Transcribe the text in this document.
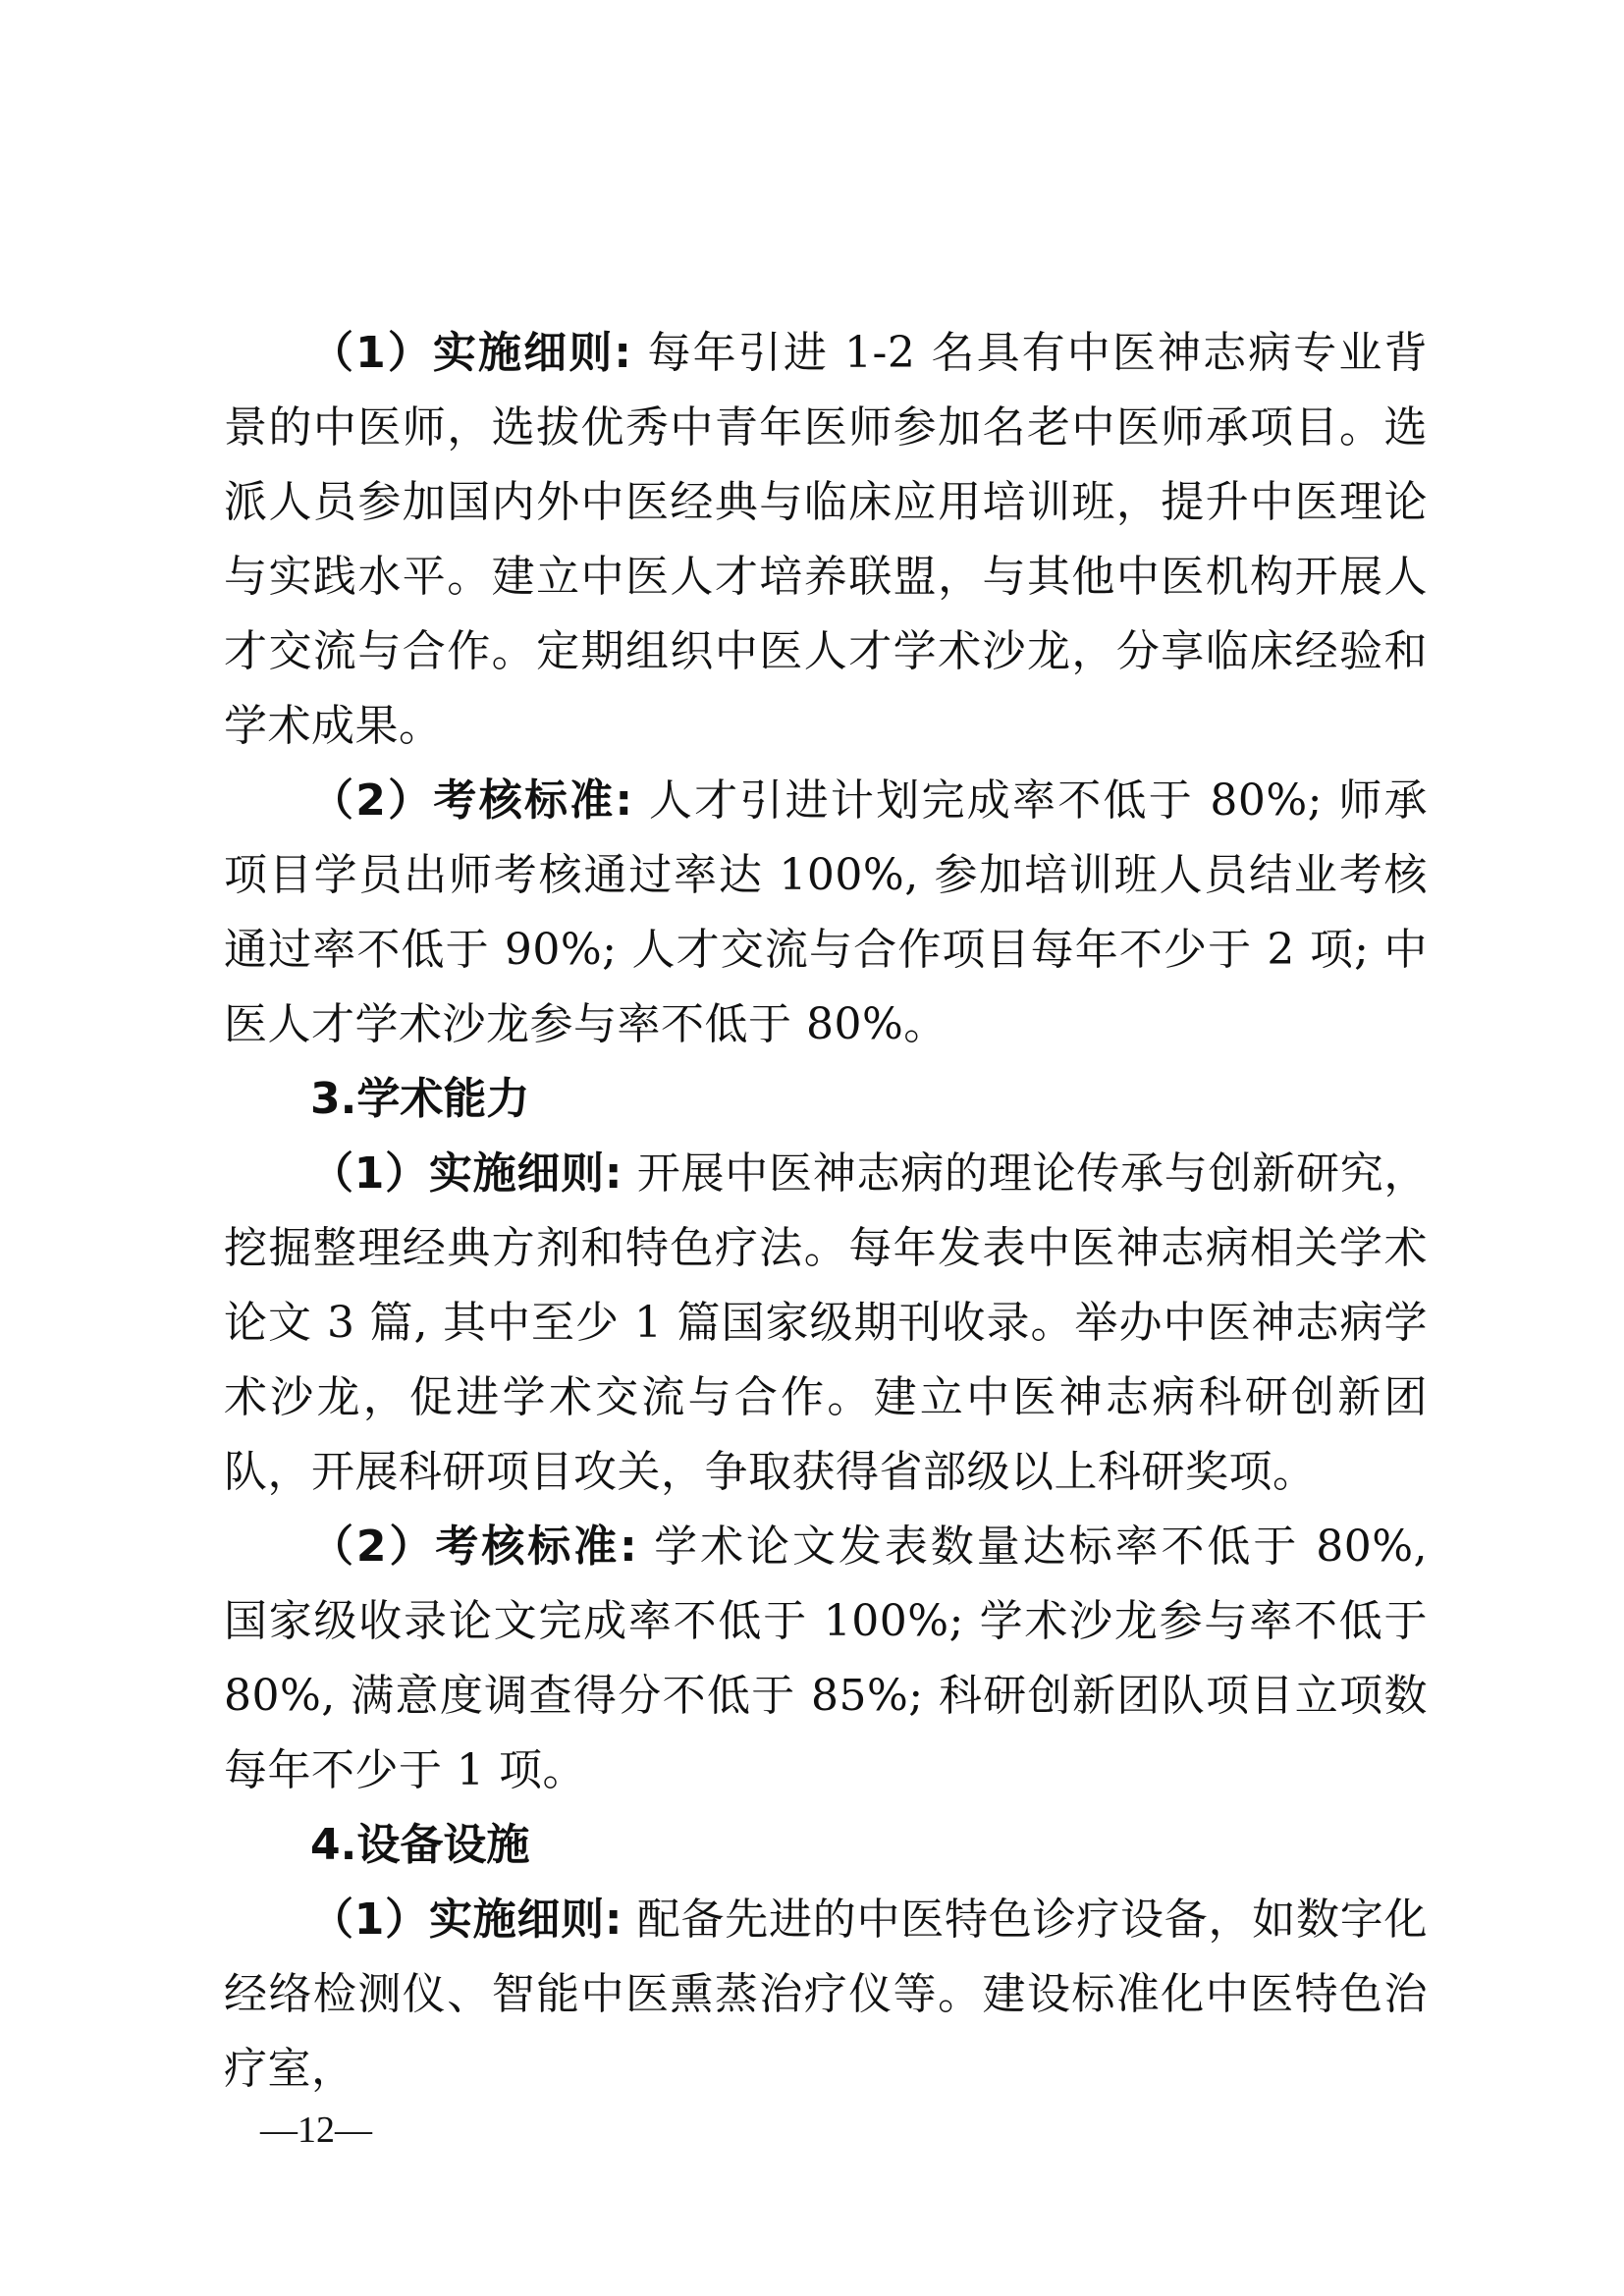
（1）实施细则: 每年引进 1-2 名具有中医神志病专业背景的中医师，选拔优秀中青年医师参加名老中医师承项目。选派人员参加国内外中医经典与临床应用培训班，提升中医理论与实践水平。建立中医人才培养联盟，与其他中医机构开展人才交流与合作。定期组织中医人才学术沙龙，分享临床经验和学术成果。

（2）考核标准: 人才引进计划完成率不低于 80%; 师承项目学员出师考核通过率达 100%, 参加培训班人员结业考核通过率不低于 90%; 人才交流与合作项目每年不少于 2 项; 中医人才学术沙龙参与率不低于 80%。

3.学术能力

（1）实施细则: 开展中医神志病的理论传承与创新研究，挖掘整理经典方剂和特色疗法。每年发表中医神志病相关学术论文 3 篇, 其中至少 1 篇国家级期刊收录。举办中医神志病学术沙龙，促进学术交流与合作。建立中医神志病科研创新团队，开展科研项目攻关，争取获得省部级以上科研奖项。

（2）考核标准: 学术论文发表数量达标率不低于 80%, 国家级收录论文完成率不低于 100%; 学术沙龙参与率不低于 80%, 满意度调查得分不低于 85%; 科研创新团队项目立项数每年不少于 1 项。

4.设备设施

（1）实施细则: 配备先进的中医特色诊疗设备，如数字化经络检测仪、智能中医熏蒸治疗仪等。建设标准化中医特色治疗室，

—12—
